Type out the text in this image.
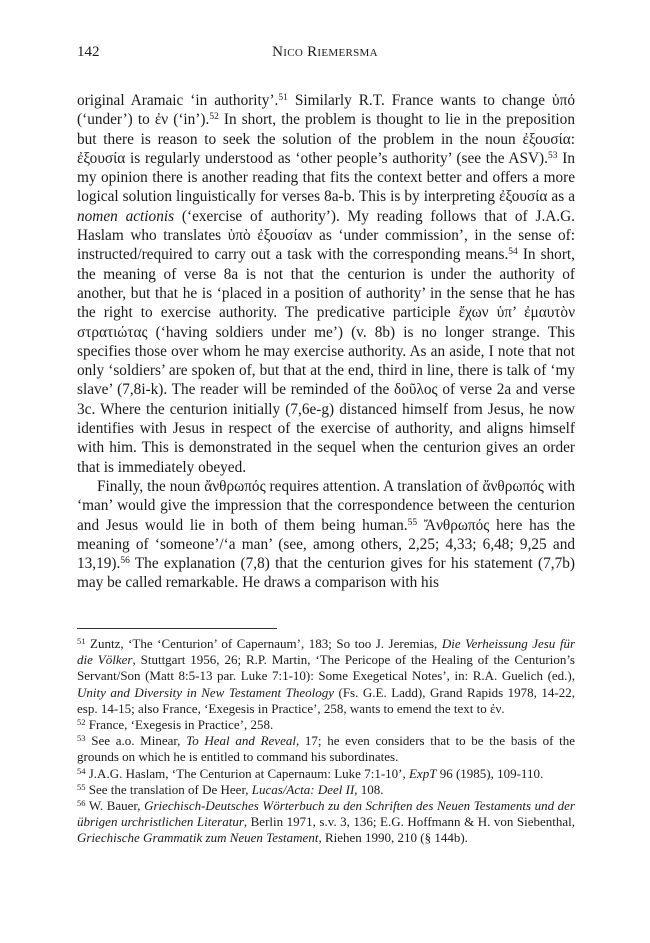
142	Nico Riemersma

original Aramaic ‘in authority’.$^{51}$ Similarly R.T. France wants to change ὑπό (‘under’) to ἐν (‘in’).$^{52}$ In short, the problem is thought to lie in the preposition but there is reason to seek the solution of the problem in the noun ἐξουσία: ἐξουσία is regularly understood as ‘other people’s authority’ (see the ASV).$^{53}$ In my opinion there is another reading that fits the context better and offers a more logical solution linguistically for verses 8a-b. This is by interpreting ἐξουσία as a nomen actionis (‘exercise of authority’). My reading follows that of J.A.G. Haslam who translates ὑπὸ ἐξουσίαν as ‘under commission’, in the sense of: instructed/required to carry out a task with the corresponding means.$^{54}$ In short, the meaning of verse 8a is not that the centurion is under the authority of another, but that he is ‘placed in a position of authority’ in the sense that he has the right to exercise authority. The predicative participle ἔχων ὑπ’ ἐμαυτὸν στρατιώτας (‘having soldiers under me’) (v. 8b) is no longer strange. This specifies those over whom he may exercise authority. As an aside, I note that not only ‘soldiers’ are spoken of, but that at the end, third in line, there is talk of ‘my slave’ (7,8i-k). The reader will be reminded of the δοῦλος of verse 2a and verse 3c. Where the centurion initially (7,6e-g) distanced himself from Jesus, he now identifies with Jesus in respect of the exercise of authority, and aligns himself with him. This is demonstrated in the sequel when the centurion gives an order that is immediately obeyed.

Finally, the noun ἄνθρωπός requires attention. A translation of ἄνθρωπός with ‘man’ would give the impression that the correspondence between the centurion and Jesus would lie in both of them being human.$^{55}$ Ἄνθρωπός here has the meaning of ‘someone’/‘a man’ (see, among others, 2,25; 4,33; 6,48; 9,25 and 13,19).$^{56}$ The explanation (7,8) that the centurion gives for his statement (7,7b) may be called remarkable. He draws a comparison with his

$^{51}$ Zuntz, ‘The ‘Centurion’ of Capernaum’, 183; So too J. Jeremias, Die Verheissung Jesu für die Völker, Stuttgart 1956, 26; R.P. Martin, ‘The Pericope of the Healing of the Centurion’s Servant/Son (Matt 8:5-13 par. Luke 7:1-10): Some Exegetical Notes’, in: R.A. Guelich (ed.), Unity and Diversity in New Testament Theology (Fs. G.E. Ladd), Grand Rapids 1978, 14-22, esp. 14-15; also France, ‘Exegesis in Practice’, 258, wants to emend the text to ἐν.

$^{52}$ France, ‘Exegesis in Practice’, 258.

$^{53}$ See a.o. Minear, To Heal and Reveal, 17; he even considers that to be the basis of the grounds on which he is entitled to command his subordinates.

$^{54}$ J.A.G. Haslam, ‘The Centurion at Capernaum: Luke 7:1-10’, ExpT 96 (1985), 109-110.

$^{55}$ See the translation of De Heer, Lucas/Acta: Deel II, 108.

$^{56}$ W. Bauer, Griechisch-Deutsches Wörterbuch zu den Schriften des Neuen Testaments und der übrigen urchristlichen Literatur, Berlin 1971, s.v. 3, 136; E.G. Hoffmann & H. von Siebenthal, Griechische Grammatik zum Neuen Testament, Riehen 1990, 210 (§ 144b).
